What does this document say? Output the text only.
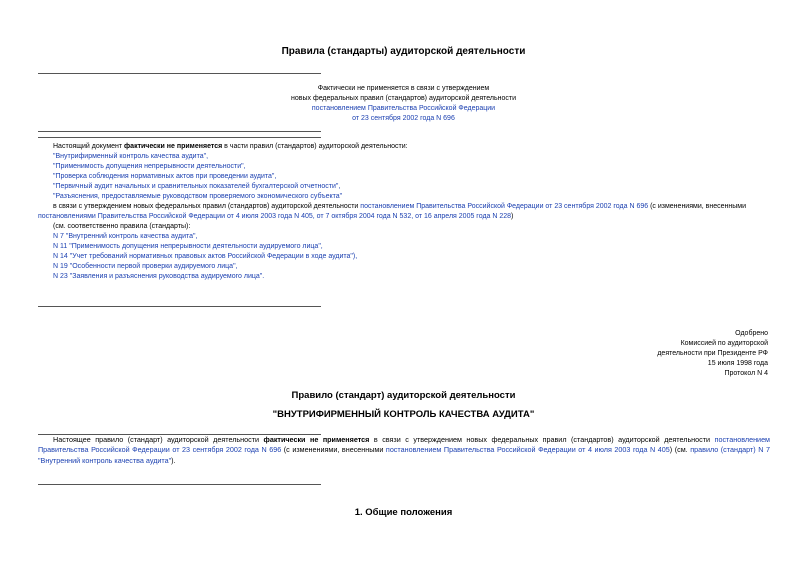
Правила (стандарты) аудиторской деятельности
Фактически не применяется в связи с утверждением
новых федеральных правил (стандартов) аудиторской деятельности
постановлением Правительства Российской Федерации
от 23 сентября 2002 года N 696
Настоящий документ фактически не применяется в части правил (стандартов) аудиторской деятельности:
"Внутрифирменный контроль качества аудита",
"Применимость допущения непрерывности деятельности",
"Проверка соблюдения нормативных актов при проведении аудита",
"Первичный аудит начальных и сравнительных показателей бухгалтерской отчетности",
"Разъяснения, предоставляемые руководством проверяемого экономического субъекта"
в связи с утверждением новых федеральных правил (стандартов) аудиторской деятельности постановлением Правительства Российской Федерации от 23 сентября 2002 года N 696 (с изменениями, внесенными постановлениями Правительства Российской Федерации от 4 июля 2003 года N 405, от 7 октября 2004 года N 532, от 16 апреля 2005 года N 228)
(см. соответственно правила (стандарты):
N 7 "Внутренний контроль качества аудита",
N 11 "Применимость допущения непрерывности деятельности аудируемого лица",
N 14 "Учет требований нормативных правовых актов Российской Федерации в ходе аудита"),
N 19 "Особенности первой проверки аудируемого лица",
N 23 "Заявления и разъяснения руководства аудируемого лица".
Одобрено
Комиссией по аудиторской
деятельности при Президенте РФ
15 июля 1998 года
Протокол N 4
Правило (стандарт) аудиторской деятельности
"ВНУТРИФИРМЕННЫЙ КОНТРОЛЬ КАЧЕСТВА АУДИТА"
Настоящее правило (стандарт) аудиторской деятельности фактически не применяется в связи с утверждением новых федеральных правил (стандартов) аудиторской деятельности постановлением Правительства Российской Федерации от 23 сентября 2002 года N 696 (с изменениями, внесенными постановлением Правительства Российской Федерации от 4 июля 2003 года N 405) (см. правило (стандарт) N 7 "Внутренний контроль качества аудита").
1. Общие положения
